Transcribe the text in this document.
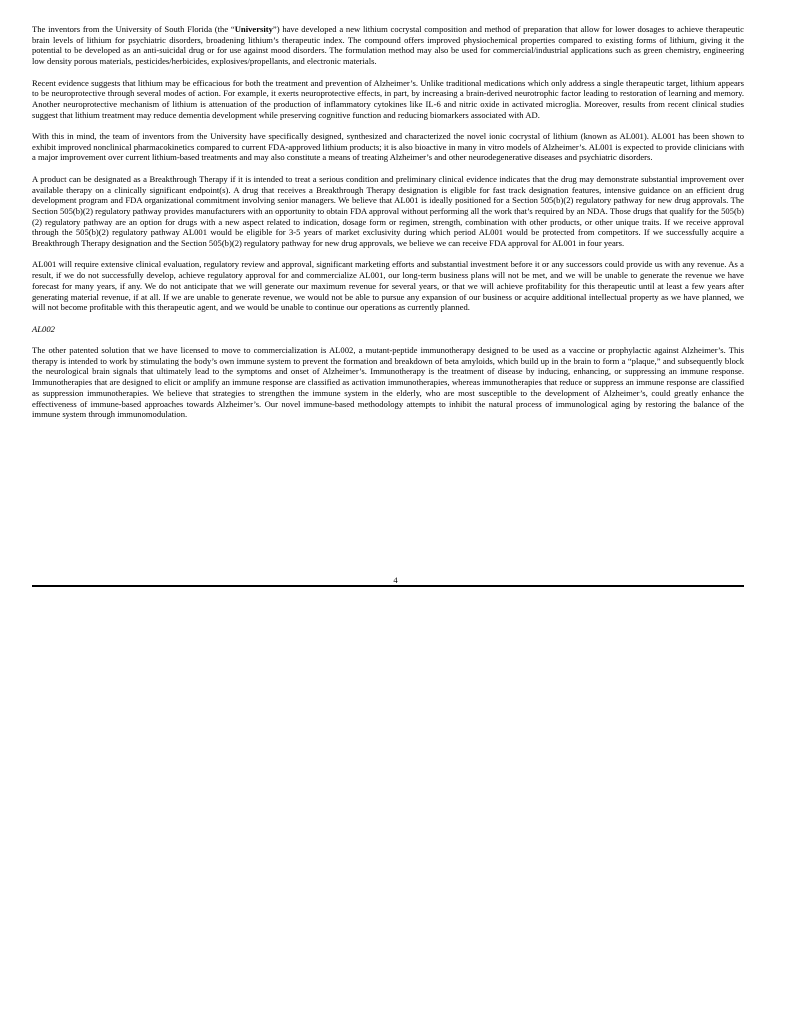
The inventors from the University of South Florida (the “University”) have developed a new lithium cocrystal composition and method of preparation that allow for lower dosages to achieve therapeutic brain levels of lithium for psychiatric disorders, broadening lithium’s therapeutic index. The compound offers improved physiochemical properties compared to existing forms of lithium, giving it the potential to be developed as an anti-suicidal drug or for use against mood disorders. The formulation method may also be used for commercial/industrial applications such as green chemistry, engineering low density porous materials, pesticides/herbicides, explosives/propellants, and electronic materials.

Recent evidence suggests that lithium may be efficacious for both the treatment and prevention of Alzheimer’s. Unlike traditional medications which only address a single therapeutic target, lithium appears to be neuroprotective through several modes of action. For example, it exerts neuroprotective effects, in part, by increasing a brain-derived neurotrophic factor leading to restoration of learning and memory. Another neuroprotective mechanism of lithium is attenuation of the production of inflammatory cytokines like IL-6 and nitric oxide in activated microglia. Moreover, results from recent clinical studies suggest that lithium treatment may reduce dementia development while preserving cognitive function and reducing biomarkers associated with AD.

With this in mind, the team of inventors from the University have specifically designed, synthesized and characterized the novel ionic cocrystal of lithium (known as AL001). AL001 has been shown to exhibit improved nonclinical pharmacokinetics compared to current FDA-approved lithium products; it is also bioactive in many in vitro models of Alzheimer’s. AL001 is expected to provide clinicians with a major improvement over current lithium-based treatments and may also constitute a means of treating Alzheimer’s and other neurodegenerative diseases and psychiatric disorders.

A product can be designated as a Breakthrough Therapy if it is intended to treat a serious condition and preliminary clinical evidence indicates that the drug may demonstrate substantial improvement over available therapy on a clinically significant endpoint(s). A drug that receives a Breakthrough Therapy designation is eligible for fast track designation features, intensive guidance on an efficient drug development program and FDA organizational commitment involving senior managers. We believe that AL001 is ideally positioned for a Section 505(b)(2) regulatory pathway for new drug approvals. The Section 505(b)(2) regulatory pathway provides manufacturers with an opportunity to obtain FDA approval without performing all the work that’s required by an NDA. Those drugs that qualify for the 505(b)(2) regulatory pathway are an option for drugs with a new aspect related to indication, dosage form or regimen, strength, combination with other products, or other unique traits. If we receive approval through the 505(b)(2) regulatory pathway AL001 would be eligible for 3-5 years of market exclusivity during which period AL001 would be protected from competitors. If we successfully acquire a Breakthrough Therapy designation and the Section 505(b)(2) regulatory pathway for new drug approvals, we believe we can receive FDA approval for AL001 in four years.

AL001 will require extensive clinical evaluation, regulatory review and approval, significant marketing efforts and substantial investment before it or any successors could provide us with any revenue. As a result, if we do not successfully develop, achieve regulatory approval for and commercialize AL001, our long-term business plans will not be met, and we will be unable to generate the revenue we have forecast for many years, if any. We do not anticipate that we will generate our maximum revenue for several years, or that we will achieve profitability for this therapeutic until at least a few years after generating material revenue, if at all. If we are unable to generate revenue, we would not be able to pursue any expansion of our business or acquire additional intellectual property as we have planned, we will not become profitable with this therapeutic agent, and we would be unable to continue our operations as currently planned.

AL002

The other patented solution that we have licensed to move to commercialization is AL002, a mutant-peptide immunotherapy designed to be used as a vaccine or prophylactic against Alzheimer’s. This therapy is intended to work by stimulating the body’s own immune system to prevent the formation and breakdown of beta amyloids, which build up in the brain to form a “plaque,” and subsequently block the neurological brain signals that ultimately lead to the symptoms and onset of Alzheimer’s. Immunotherapy is the treatment of disease by inducing, enhancing, or suppressing an immune response. Immunotherapies that are designed to elicit or amplify an immune response are classified as activation immunotherapies, whereas immunotherapies that reduce or suppress an immune response are classified as suppression immunotherapies. We believe that strategies to strengthen the immune system in the elderly, who are most susceptible to the development of Alzheimer’s, could greatly enhance the effectiveness of immune-based approaches towards Alzheimer’s. Our novel immune-based methodology attempts to inhibit the natural process of immunological aging by restoring the balance of the immune system through immunomodulation.

4
